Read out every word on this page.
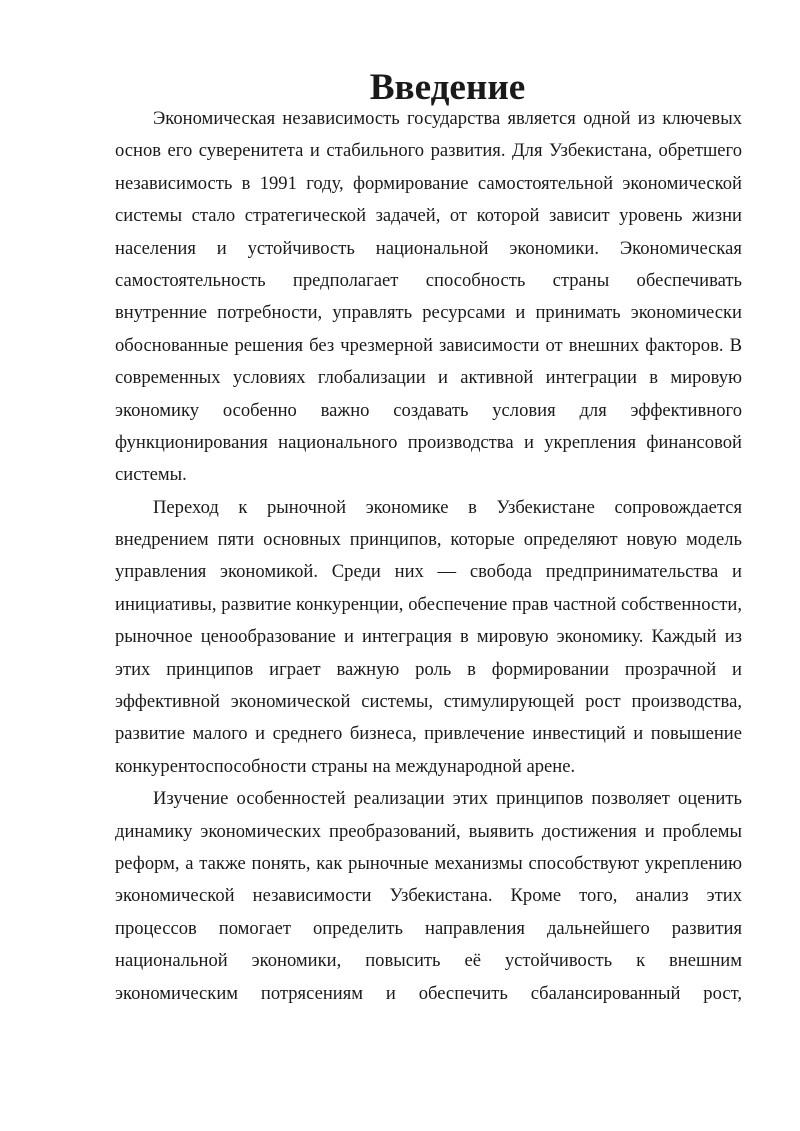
Введение
Экономическая независимость государства является одной из ключевых
основ его суверенитета и стабильного развития. Для Узбекистана, обретшего
независимость в 1991 году, формирование самостоятельной экономической
системы стало стратегической задачей, от которой зависит уровень жизни
населения и устойчивость национальной экономики. Экономическая
самостоятельность предполагает способность страны обеспечивать
внутренние потребности, управлять ресурсами и принимать экономически
обоснованные решения без чрезмерной зависимости от внешних факторов. В
современных условиях глобализации и активной интеграции в мировую
экономику особенно важно создавать условия для эффективного
функционирования национального производства и укрепления финансовой
системы.
Переход к рыночной экономике в Узбекистане сопровождается
внедрением пяти основных принципов, которые определяют новую модель
управления экономикой. Среди них — свобода предпринимательства и
инициативы, развитие конкуренции, обеспечение прав частной собственности,
рыночное ценообразование и интеграция в мировую экономику. Каждый из
этих принципов играет важную роль в формировании прозрачной и
эффективной экономической системы, стимулирующей рост производства,
развитие малого и среднего бизнеса, привлечение инвестиций и повышение
конкурентоспособности страны на международной арене.
Изучение особенностей реализации этих принципов позволяет оценить
динамику экономических преобразований, выявить достижения и проблемы
реформ, а также понять, как рыночные механизмы способствуют укреплению
экономической независимости Узбекистана. Кроме того, анализ этих
процессов помогает определить направления дальнейшего развития
национальной экономики, повысить её устойчивость к внешним
экономическим потрясениям и обеспечить сбалансированный рост,
